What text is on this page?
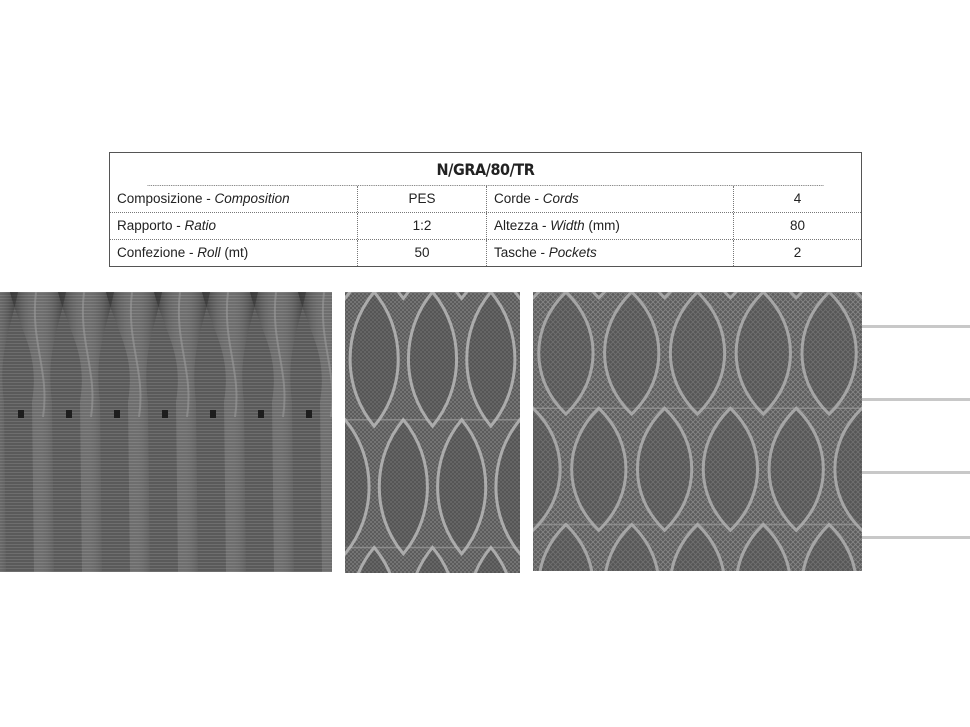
N/GRA/80/TR
Composizione - Composition	PES	Corde - Cords	4
Rapporto - Ratio	1:2	Altezza - Width (mm)	80
Confezione - Roll (mt)	50	Tasche - Pockets	2
